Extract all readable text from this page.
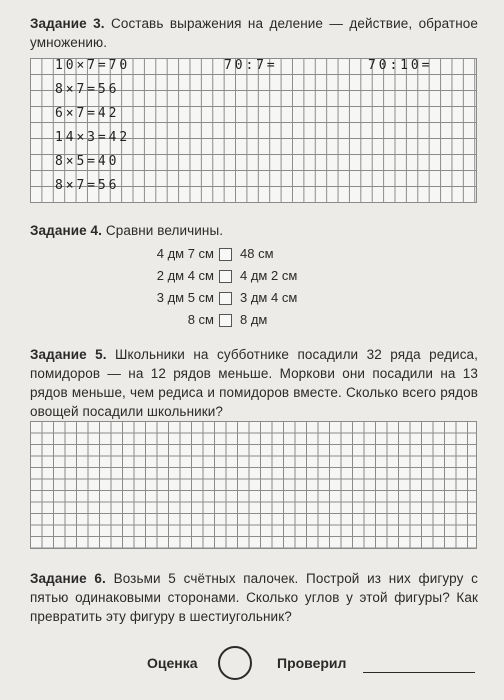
Задание 3. Составь выражения на деление — действие, обратное умножению.
10×7=70
8×7=56
6×7=42
14×3=42
8×5=40
8×7=56
70:7=	70:10=
Задание 4. Сравни величины.
4 дм 7 см 48 см
2 дм 4 см 4 дм 2 см
3 дм 5 см 3 дм 4 см
8 см 8 дм
Задание 5. Школьники на субботнике посадили 32 ряда редиса, помидоров — на 12 рядов меньше. Моркови они посадили на 13 рядов меньше, чем редиса и помидоров вместе. Сколько всего рядов овощей посадили школьники?
Задание 6. Возьми 5 счётных палочек. Построй из них фигуру с пятью одинаковыми сторонами. Сколько углов у этой фигуры? Как превратить эту фигуру в шестиугольник?
Оценка	Проверил
